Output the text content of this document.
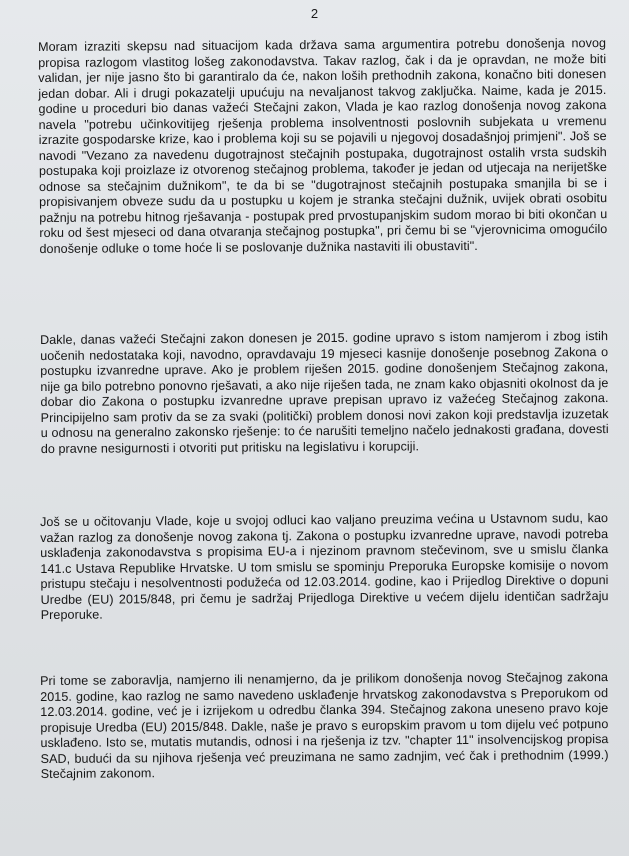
2

Moram izraziti skepsu nad situacijom kada država sama argumentira potrebu donošenja novog propisa razlogom vlastitog lošeg zakonodavstva. Takav razlog, čak i da je opravdan, ne može biti validan, jer nije jasno što bi garantiralo da će, nakon loših prethodnih zakona, konačno biti donesen jedan dobar. Ali i drugi pokazatelji upućuju na nevaljanost takvog zaključka. Naime, kada je 2015. godine u proceduri bio danas važeći Stečajni zakon, Vlada je kao razlog donošenja novog zakona navela "potrebu učinkovitijeg rješenja problema insolventnosti poslovnih subjekata u vremenu izrazite gospodarske krize, kao i problema koji su se pojavili u njegovoj dosadašnjoj primjeni". Još se navodi "Vezano za navedenu dugotrajnost stečajnih postupaka, dugotrajnost ostalih vrsta sudskih postupaka koji proizlaze iz otvorenog stečajnog problema, također je jedan od utjecaja na nerijetške odnose sa stečajnim dužnikom", te da bi se "dugotrajnost stečajnih postupaka smanjila bi se i propisivanjem obveze sudu da u postupku u kojem je stranka stečajni dužnik, uvijek obrati osobitu pažnju na potrebu hitnog rješavanja - postupak pred prvostupanjskim sudom morao bi biti okončan u roku od šest mjeseci od dana otvaranja stečajnog postupka", pri čemu bi se "vjerovnicima omogućilo donošenje odluke o tome hoće li se poslovanje dužnika nastaviti ili obustaviti".

Dakle, danas važeći Stečajni zakon donesen je 2015. godine upravo s istom namjerom i zbog istih uočenih nedostataka koji, navodno, opravdavaju 19 mjeseci kasnije donošenje posebnog Zakona o postupku izvanredne uprave. Ako je problem riješen 2015. godine donošenjem Stečajnog zakona, nije ga bilo potrebno ponovno rješavati, a ako nije riješen tada, ne znam kako objasniti okolnost da je dobar dio Zakona o postupku izvanredne uprave prepisan upravo iz važećeg Stečajnog zakona. Principijelno sam protiv da se za svaki (politički) problem donosi novi zakon koji predstavlja izuzetak u odnosu na generalno zakonsko rješenje: to će narušiti temeljno načelo jednakosti građana, dovesti do pravne nesigurnosti i otvoriti put pritisku na legislativu i korupciji.

Još se u očitovanju Vlade, koje u svojoj odluci kao valjano preuzima većina u Ustavnom sudu, kao važan razlog za donošenje novog zakona tj. Zakona o postupku izvanredne uprave, navodi potreba usklađenja zakonodavstva s propisima EU-a i njezinom pravnom stečevinom, sve u smislu članka 141.c Ustava Republike Hrvatske. U tom smislu se spominju Preporuka Europske komisije o novom pristupu stečaju i nesolventnosti podužeća od 12.03.2014. godine, kao i Prijedlog Direktive o dopuni Uredbe (EU) 2015/848, pri čemu je sadržaj Prijedloga Direktive u većem dijelu identičan sadržaju Preporuke.

Pri tome se zaboravlja, namjerno ili nenamjerno, da je prilikom donošenja novog Stečajnog zakona 2015. godine, kao razlog ne samo navedeno usklađenje hrvatskog zakonodavstva s Preporukom od 12.03.2014. godine, već je i izrijekom u odredbu članka 394. Stečajnog zakona uneseno pravo koje propisuje Uredba (EU) 2015/848. Dakle, naše je pravo s europskim pravom u tom dijelu već potpuno usklađeno. Isto se, mutatis mutandis, odnosi i na rješenja iz tzv. "chapter 11" insolvencijskog propisa SAD, budući da su njihova rješenja već preuzimana ne samo zadnjim, već čak i prethodnim (1999.) Stečajnim zakonom.
